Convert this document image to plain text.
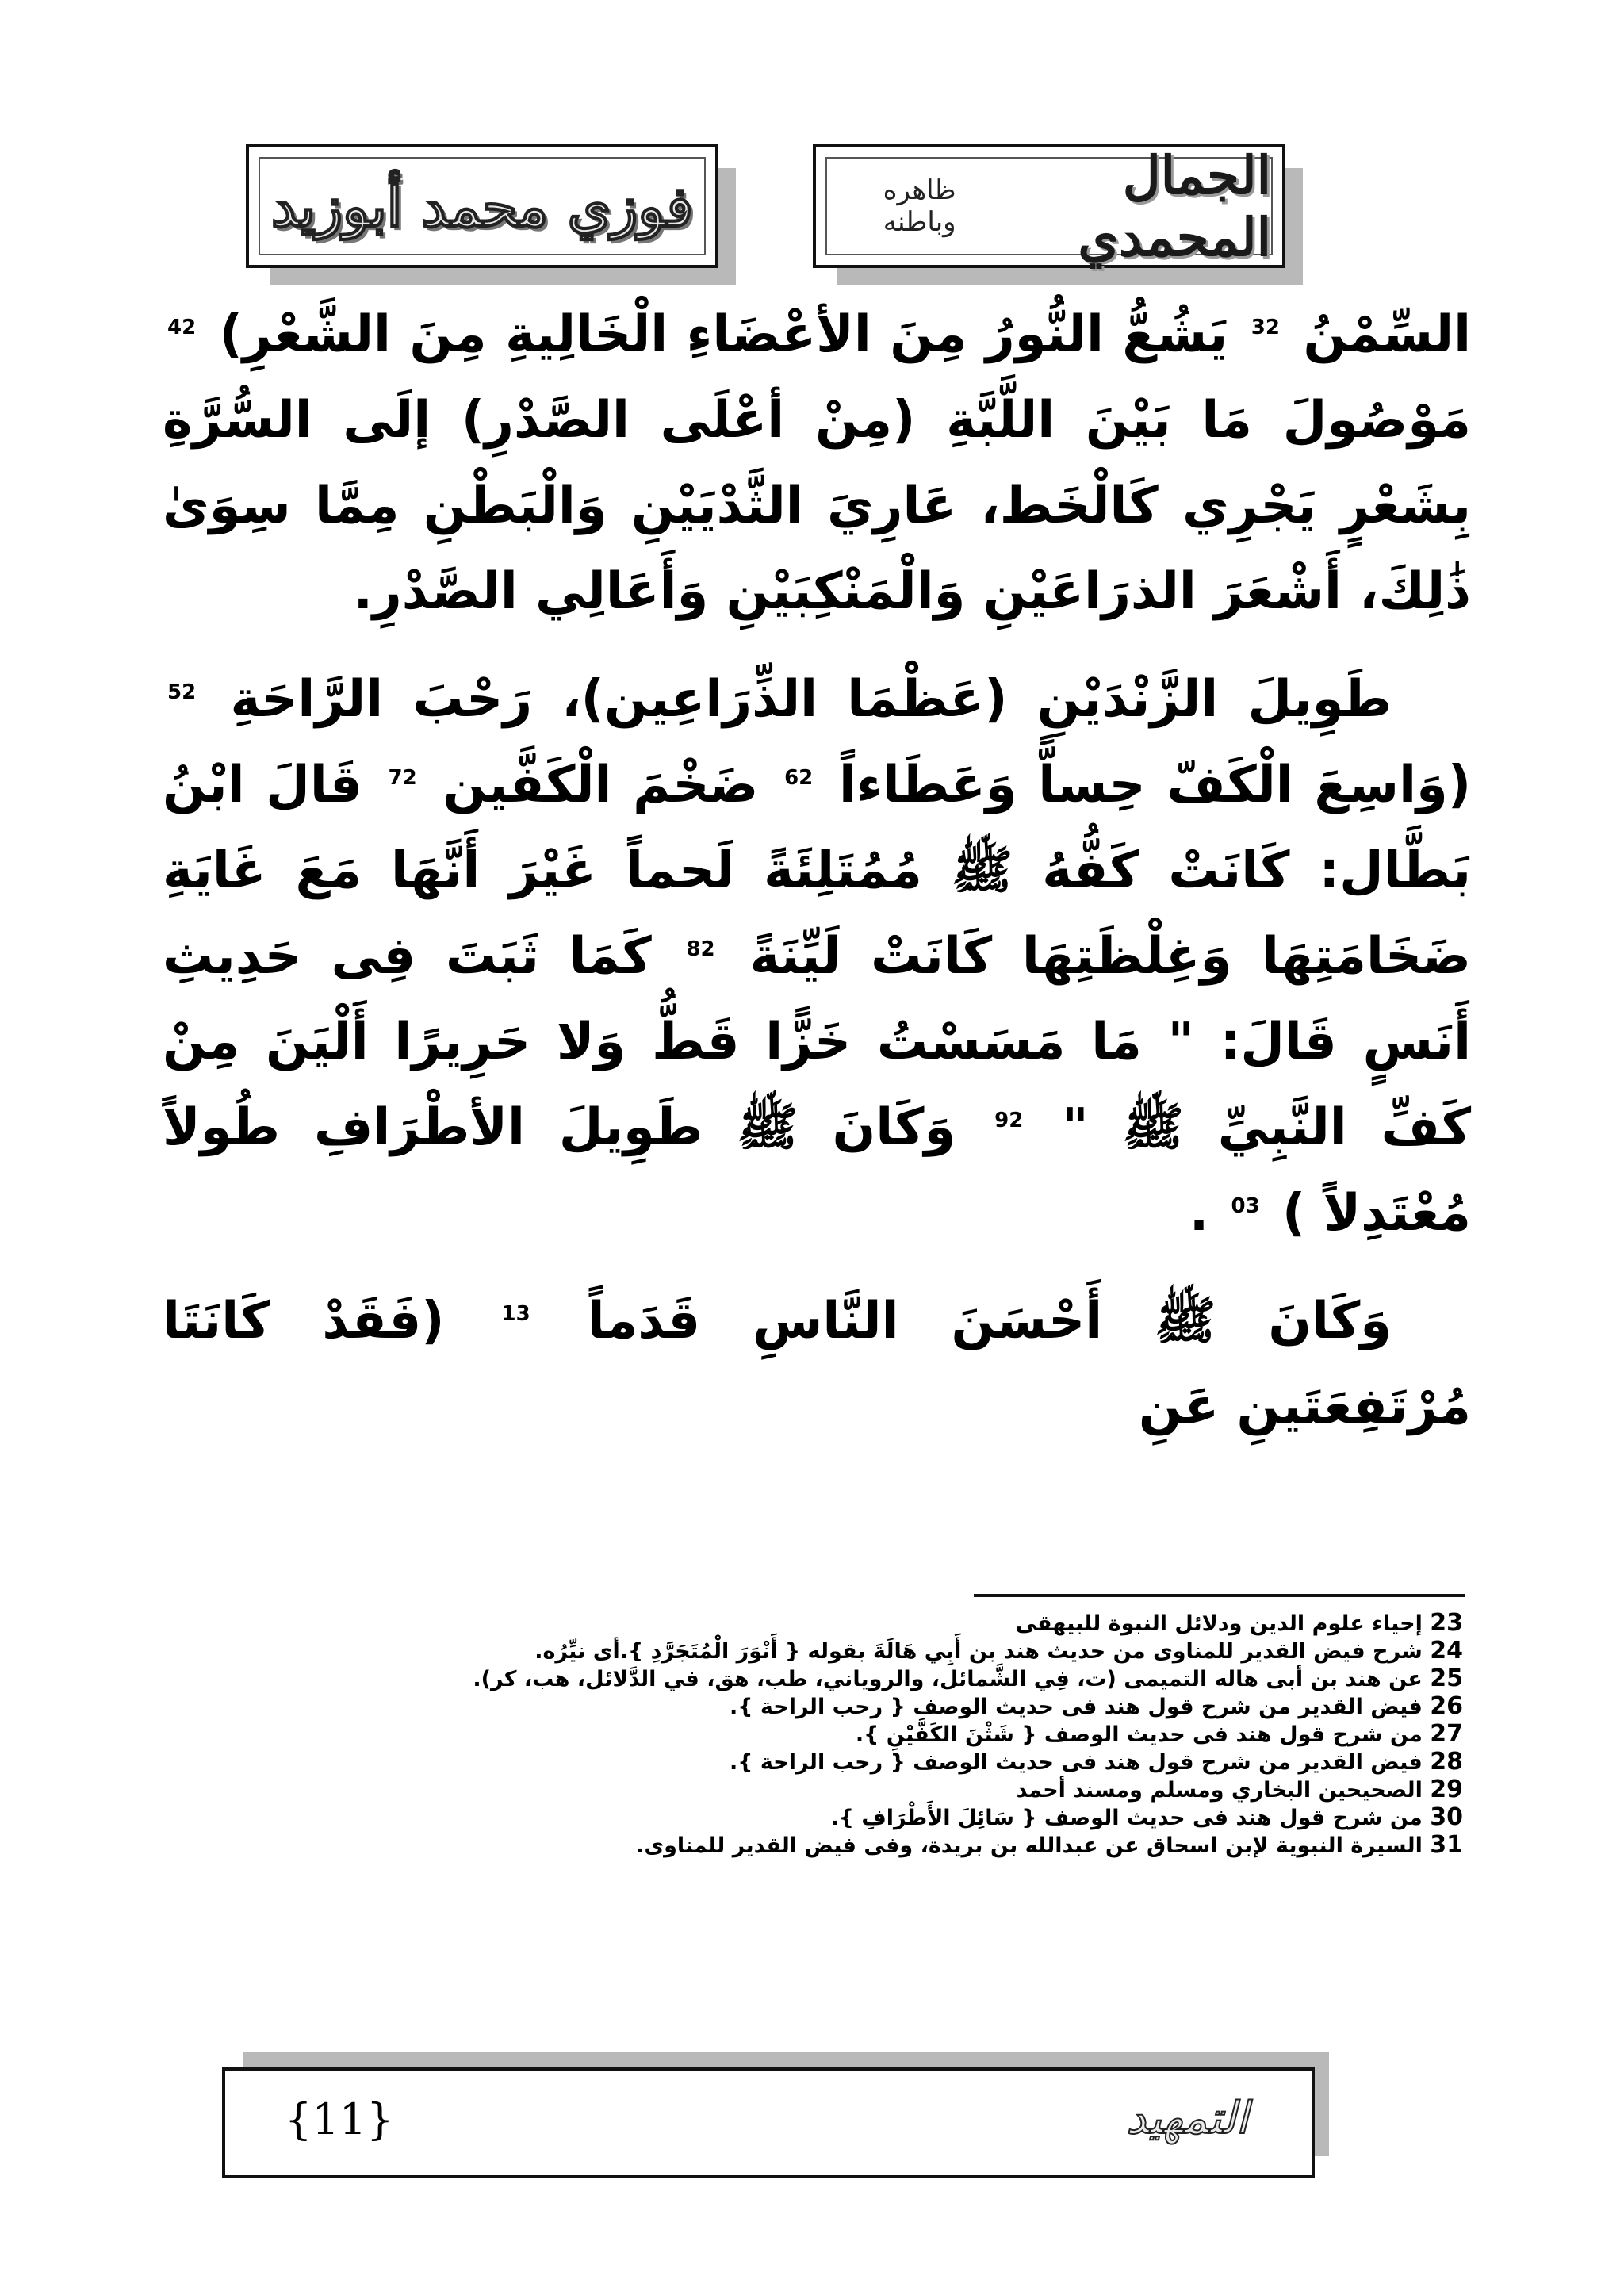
الجمال المحمدي
ظاهره وباطنه
فوزي محمد أبوزيد

السِّمْنُ $^{32}$ يَشُعُّ النُّورُ مِنَ الأعْضَاءِ الْخَالِيةِ مِنَ الشَّعْرِ) $^{42}$ مَوْصُولَ مَا بَيْنَ اللَّبَّةِ (مِنْ أعْلَى الصَّدْرِ) إلَى السُّرَّةِ بِشَعْرٍ يَجْرِي كَالْخَط، عَارِيَ الثَّدْيَيْنِ وَالْبَطْنِ مِمَّا سِوَىٰ ذَٰلِكَ، أَشْعَرَ الذرَاعَيْنِ وَالْمَنْكِبَيْنِ وَأَعَالِي الصَّدْرِ.

طَوِيلَ الزَّنْدَيْنِ (عَظْمَا الذِّرَاعِين)، رَحْبَ الرَّاحَةِ $^{52}$ (وَاسِعَ الْكَفّ حِساًّ وَعَطَاءاً $^{62}$ ضَخْمَ الْكَفَّين $^{72}$ قَالَ ابْنُ بَطَّال: كَانَتْ كَفُّهُ ﷺ مُمُتَلِئَةً لَحماً غَيْرَ أَنَّهَا مَعَ غَايَةِ ضَخَامَتِهَا وَغِلْظَتِهَا كَانَتْ لَيِّنَةً $^{82}$ كَمَا ثَبَتَ فِى حَدِيثِ أَنَسٍ قَالَ: " مَا مَسَسْتُ خَزًّا قَطُّ وَلا حَرِيرًا أَلْيَنَ مِنْ كَفِّ النَّبِيِّ ﷺ " $^{92}$ وَكَانَ ﷺ طَوِيلَ الأطْرَافِ طُولاً مُعْتَدِلاً ) $^{03}$ .

وَكَانَ ﷺ أَحْسَنَ النَّاسِ قَدَماً $^{13}$ (فَقَدْ كَانَتَا مُرْتَفِعَتَينِ عَنِ

23 إحياء علوم الدين ودلائل النبوة للبيهقى

24 شرح فيض القدير للمناوى من حديث هند بن أَبِي هَالَةَ بقوله { أَنْوَرَ الْمُتَجَرَّدِ }.أى نيِّرُه.

25 عن هند بن أبى هاله التميمى (ت، فِي الشَّمائل، والروياني، طب، هق، في الدَّلائل، هب، كر).

26 فيض القدير من شرح قول هند فى حديث الوصف { رحب الراحة }.

27 من شرح قول هند فى حديث الوصف { شَثْنَ الكَفَّيْنِ }.

28 فيض القدير من شرح قول هند فى حديث الوصف { رحب الراحة }.

29 الصحيحين البخاري ومسلم ومسند أحمد

30 من شرح قول هند فى حديث الوصف { سَائِلَ الأَطْرَافِ }.

31 السيرة النبوية لإبن اسحاق عن عبدالله بن بريدة، وفى فيض القدير للمناوى.

{11}	التمهيد
